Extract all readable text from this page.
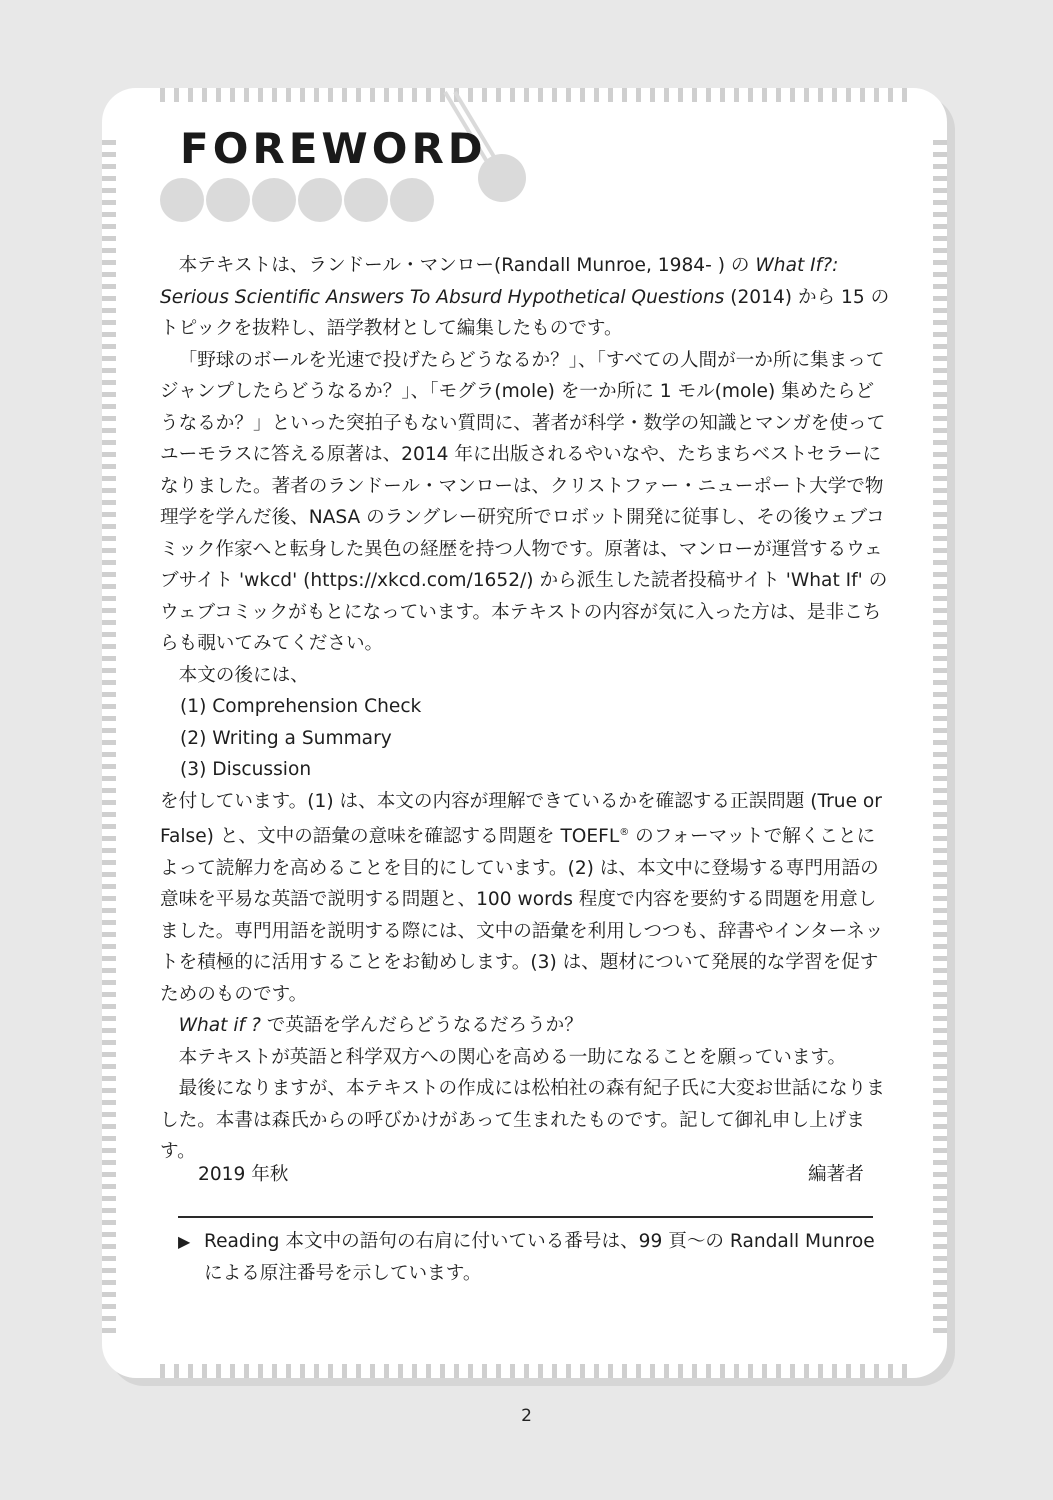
FOREWORD

本テキストは、ランドール・マンロー(Randall Munroe, 1984- ) の What If?: Serious Scientific Answers To Absurd Hypothetical Questions (2014) から 15 のトピックを抜粋し、語学教材として編集したものです。

「野球のボールを光速で投げたらどうなるか？」、「すべての人間が一か所に集まってジャンプしたらどうなるか？」、「モグラ(mole) を一か所に 1 モル(mole) 集めたらどうなるか？」といった突拍子もない質問に、著者が科学・数学の知識とマンガを使ってユーモラスに答える原著は、2014 年に出版されるやいなや、たちまちベストセラーになりました。著者のランドール・マンローは、クリストファー・ニューポート大学で物理学を学んだ後、NASA のラングレー研究所でロボット開発に従事し、その後ウェブコミック作家へと転身した異色の経歴を持つ人物です。原著は、マンローが運営するウェブサイト 'wkcd' (https://xkcd.com/1652/) から派生した読者投稿サイト 'What If' のウェブコミックがもとになっています。本テキストの内容が気に入った方は、是非こちらも覗いてみてください。

本文の後には、

(1) Comprehension Check

(2) Writing a Summary

(3) Discussion

を付しています。(1) は、本文の内容が理解できているかを確認する正誤問題 (True or False) と、文中の語彙の意味を確認する問題を TOEFL® のフォーマットで解くことによって読解力を高めることを目的にしています。(2) は、本文中に登場する専門用語の意味を平易な英語で説明する問題と、100 words 程度で内容を要約する問題を用意しました。専門用語を説明する際には、文中の語彙を利用しつつも、辞書やインターネットを積極的に活用することをお勧めします。(3) は、題材について発展的な学習を促すためのものです。

What if ? で英語を学んだらどうなるだろうか？

本テキストが英語と科学双方への関心を高める一助になることを願っています。

最後になりますが、本テキストの作成には松柏社の森有紀子氏に大変お世話になりました。本書は森氏からの呼びかけがあって生まれたものです。記して御礼申し上げます。

2019 年秋	編著者
▶ Reading 本文中の語句の右肩に付いている番号は、99 頁〜の Randall Munroe
による原注番号を示しています。
2
